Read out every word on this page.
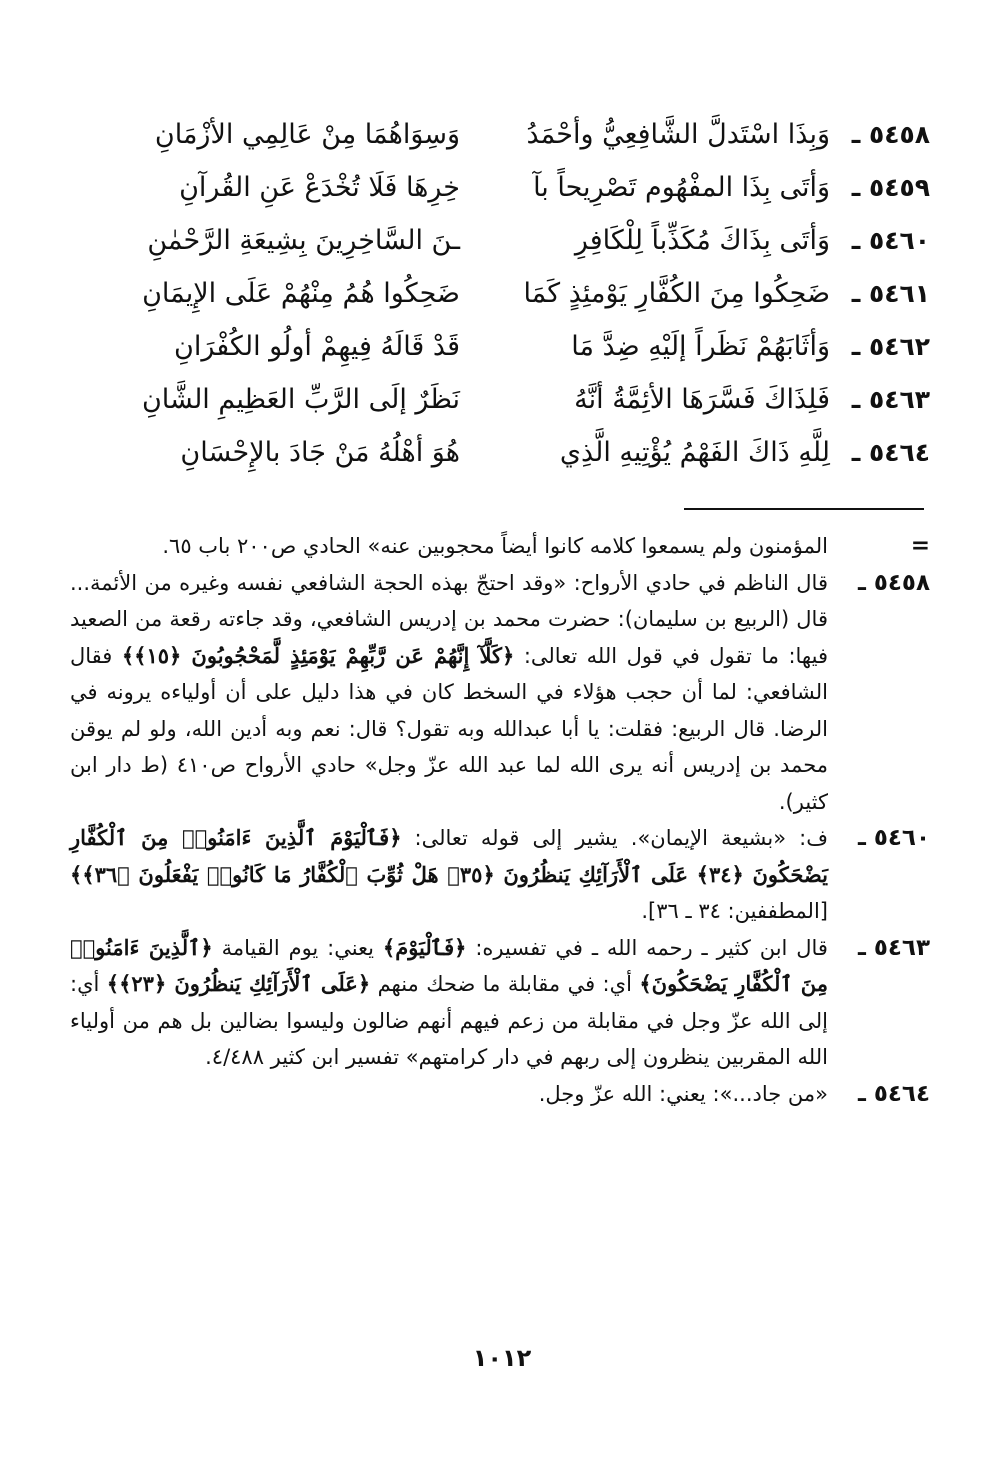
٥٤٥٨ ـ
وَبِذَا اسْتَدلَّ الشَّافِعِيُّ وأحْمَدُ
وَسِوَاهُمَا مِنْ عَالِمِي الأزْمَانِ
٥٤٥٩ ـ
وَأتَى بِذَا المفْهُوم تَصْرِيحاً بآ
خِرِهَا فَلَا تُخْدَعْ عَنِ القُرآنِ
٥٤٦٠ ـ
وَأتَى بِذَاكَ مُكَذِّباً لِلْكَافِرِ
ـنَ السَّاخِرِينَ بِشِيعَةِ الرَّحْمٰنِ
٥٤٦١ ـ
ضَحِكُوا مِنَ الكُفَّارِ يَوْمئِذٍ كَمَا
ضَحِكُوا هُمُ مِنْهُمْ عَلَى الإِيمَانِ
٥٤٦٢ ـ
وَأثَابَهُمْ نَظَراً إلَيْهِ ضِدَّ مَا
قَدْ قَالَهُ فِيهِمْ أولُو الكُفْرَانِ
٥٤٦٣ ـ
فَلِذَاكَ فَسَّرَهَا الأئِمَّةُ أنَّهُ
نَظَرٌ إلَى الرَّبِّ العَظِيمِ الشَّانِ
٥٤٦٤ ـ
لِلَّهِ ذَاكَ الفَهْمُ يُؤْتِيهِ الَّذِي
هُوَ أهْلُهُ مَنْ جَادَ بالإِحْسَانِ
=
المؤمنون ولم يسمعوا كلامه كانوا أيضاً محجوبين عنه» الحادي ص٢٠٠ باب ٦٥.
٥٤٥٨ ـ
قال الناظم في حادي الأرواح: «وقد احتجّ بهذه الحجة الشافعي نفسه وغيره من الأئمة... قال (الربيع بن سليمان): حضرت محمد بن إدريس الشافعي، وقد جاءته رقعة من الصعيد فيها: ما تقول في قول الله تعالى: ﴿كَلَّآ إِنَّهُمْ عَن رَّبِّهِمْ يَوْمَئِذٍ لَّمَحْجُوبُونَ ﴿١٥﴾﴾ فقال الشافعي: لما أن حجب هؤلاء في السخط كان في هذا دليل على أن أولياءه يرونه في الرضا. قال الربيع: فقلت: يا أبا عبدالله وبه تقول؟ قال: نعم وبه أدين الله، ولو لم يوقن محمد بن إدريس أنه يرى الله لما عبد الله عزّ وجل» حادي الأرواح ص٤١٠ (ط دار ابن كثير).
٥٤٦٠ ـ
ف: «بشيعة الإيمان». يشير إلى قوله تعالى: ﴿فَٱلْيَوْمَ ٱلَّذِينَ ءَامَنُوا۟ مِنَ ٱلْكُفَّارِ يَضْحَكُونَ ﴿٣٤﴾ عَلَى ٱلْأَرَآئِكِ يَنظُرُونَ ﴿٣٥﴾ هَلْ ثُوِّبَ ٱلْكُفَّارُ مَا كَانُوا۟ يَفْعَلُونَ ﴿٣٦﴾﴾ [المطففين: ٣٤ ـ ٣٦].
٥٤٦٣ ـ
قال ابن كثير ـ رحمه الله ـ في تفسيره: ﴿فَٱلْيَوْمَ﴾ يعني: يوم القيامة ﴿ٱلَّذِينَ ءَامَنُوا۟ مِنَ ٱلْكُفَّارِ يَضْحَكُونَ﴾ أي: في مقابلة ما ضحك منهم ﴿عَلَى ٱلْأَرَآئِكِ يَنظُرُونَ ﴿٢٣﴾﴾ أي: إلى الله عزّ وجل في مقابلة من زعم فيهم أنهم ضالون وليسوا بضالين بل هم من أولياء الله المقربين ينظرون إلى ربهم في دار كرامتهم» تفسير ابن كثير ٤/٤٨٨.
٥٤٦٤ ـ
«من جاد...»: يعني: الله عزّ وجل.
١٠١٢
